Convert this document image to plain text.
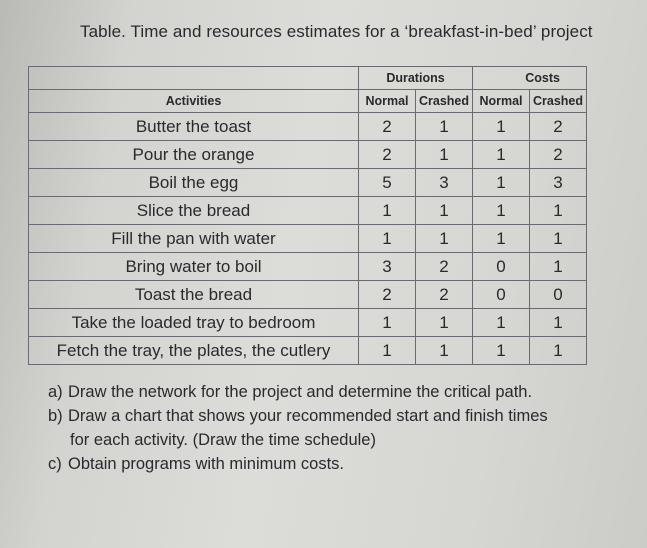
Table. Time and resources estimates for a ‘breakfast-in-bed’ project
	Durations		Costs	
Activities	Normal	Crashed	Normal	Crashed
Butter the toast	2	1	1	2
Pour the orange	2	1	1	2
Boil the egg	5	3	1	3
Slice the bread	1	1	1	1
Fill the pan with water	1	1	1	1
Bring water to boil	3	2	0	1
Toast the bread	2	2	0	0
Take the loaded tray to bedroom	1	1	1	1
Fetch the tray, the plates, the cutlery	1	1	1	1
a) Draw the network for the project and determine the critical path.
b) Draw a chart that shows your recommended start and finish times
for each activity. (Draw the time schedule)
c) Obtain programs with minimum costs.
